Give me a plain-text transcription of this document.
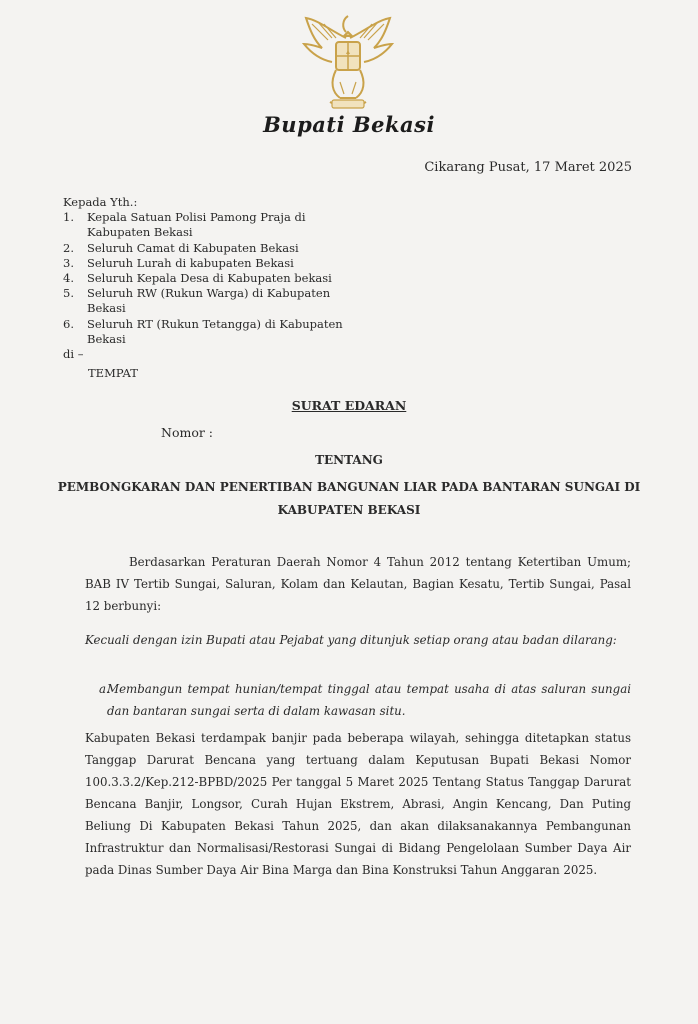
Bupati Bekasi
Cikarang Pusat, 17 Maret 2025
Kepada Yth.:
1.	Kepala Satuan Polisi Pamong Praja di Kabupaten Bekasi
2.	Seluruh Camat di Kabupaten Bekasi
3.	Seluruh Lurah di kabupaten Bekasi
4.	Seluruh Kepala Desa di Kabupaten bekasi
5.	Seluruh RW (Rukun Warga) di Kabupaten Bekasi
6.	Seluruh RT (Rukun Tetangga) di Kabupaten Bekasi
di –
TEMPAT
SURAT EDARAN
Nomor :
TENTANG
PEMBONGKARAN DAN PENERTIBAN BANGUNAN LIAR PADA BANTARAN SUNGAI DI
KABUPATEN BEKASI
Berdasarkan Peraturan Daerah Nomor 4 Tahun 2012 tentang Ketertiban Umum; BAB IV Tertib Sungai, Saluran, Kolam dan Kelautan, Bagian Kesatu, Tertib Sungai, Pasal 12 berbunyi:
Kecuali dengan izin Bupati atau Pejabat yang ditunjuk setiap orang atau badan dilarang:
a.
Membangun tempat hunian/tempat tinggal atau tempat usaha di atas saluran sungai dan bantaran sungai serta di dalam kawasan situ.
Kabupaten Bekasi terdampak banjir pada beberapa wilayah, sehingga ditetapkan status Tanggap Darurat Bencana yang tertuang dalam Keputusan Bupati Bekasi Nomor 100.3.3.2/Kep.212-BPBD/2025 Per tanggal 5 Maret 2025 Tentang Status Tanggap Darurat Bencana Banjir, Longsor, Curah Hujan Ekstrem, Abrasi, Angin Kencang, Dan Puting Beliung Di Kabupaten Bekasi Tahun 2025, dan akan dilaksanakannya Pembangunan Infrastruktur dan Normalisasi/Restorasi Sungai di Bidang Pengelolaan Sumber Daya Air pada Dinas Sumber Daya Air Bina Marga dan Bina Konstruksi Tahun Anggaran 2025.
